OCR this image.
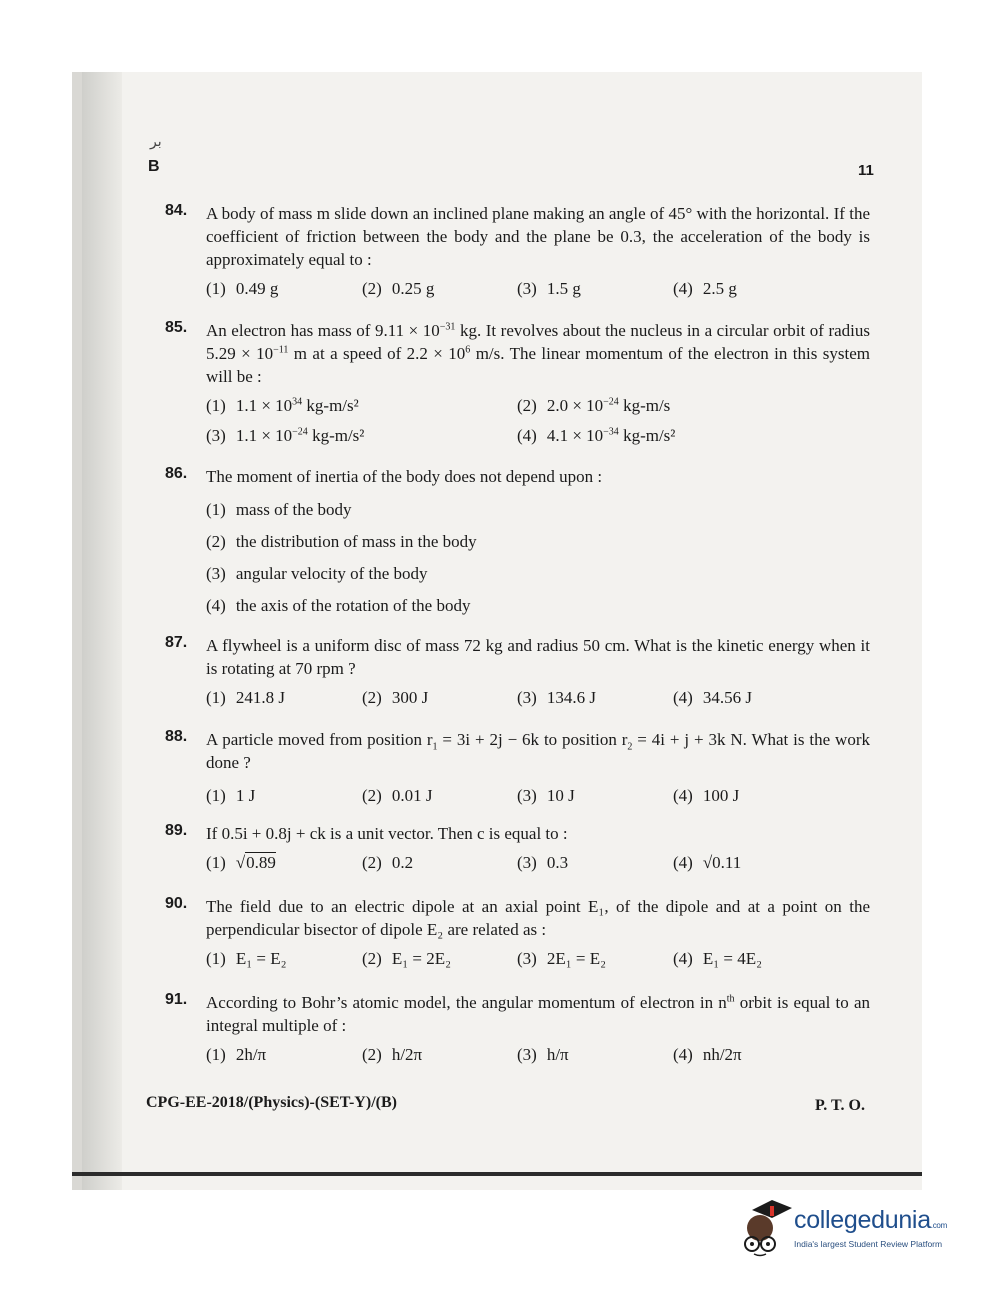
بر
B	11
84. A body of mass m slide down an inclined plane making an angle of 45° with the horizontal. If the coefficient of friction between the body and the plane be 0.3, the acceleration of the body is approximately equal to :
(1) 0.49 g	(2) 0.25 g	(3) 1.5 g	(4) 2.5 g
85. An electron has mass of $9.11 \times 10^{-31}$ kg. It revolves about the nucleus in a circular orbit of radius $5.29 \times 10^{-11}$ m at a speed of $2.2 \times 10^6$ m/s. The linear momentum of the electron in this system will be :
(1) $1.1 \times 10^{34}$ kg-m/s²	(2) $2.0 \times 10^{-24}$ kg-m/s
(3) $1.1 \times 10^{-24}$ kg-m/s²	(4) $4.1 \times 10^{-34}$ kg-m/s²
86. The moment of inertia of the body does not depend upon :
(1) mass of the body
(2) the distribution of mass in the body
(3) angular velocity of the body
(4) the axis of the rotation of the body
87. A flywheel is a uniform disc of mass 72 kg and radius 50 cm. What is the kinetic energy when it is rotating at 70 rpm ?
(1) 241.8 J	(2) 300 J	(3) 134.6 J	(4) 34.56 J
88. A particle moved from position $r_1 = 3i + 2j - 6k$ to position $r_2 = 4i + j + 3k$ N. What is the work done ?
(1) 1 J	(2) 0.01 J	(3) 10 J	(4) 100 J
89. If 0.5i + 0.8j + ck is a unit vector. Then c is equal to :
(1) √0.89	(2) 0.2	(3) 0.3	(4) √0.11
90. The field due to an electric dipole at an axial point E₁, of the dipole and at a point on the perpendicular bisector of dipole E₂ are related as :
(1) E₁ = E₂	(2) E₁ = 2E₂	(3) 2E₁ = E₂	(4) E₁ = 4E₂
91. According to Bohr’s atomic model, the angular momentum of electron in $n^{th}$ orbit is equal to an integral multiple of :
(1) 2h/π	(2) h/2π	(3) h/π	(4) nh/2π
CPG-EE-2018/(Physics)-(SET-Y)/(B)	P. T. O.
collegedunia.com
India's largest Student Review Platform
